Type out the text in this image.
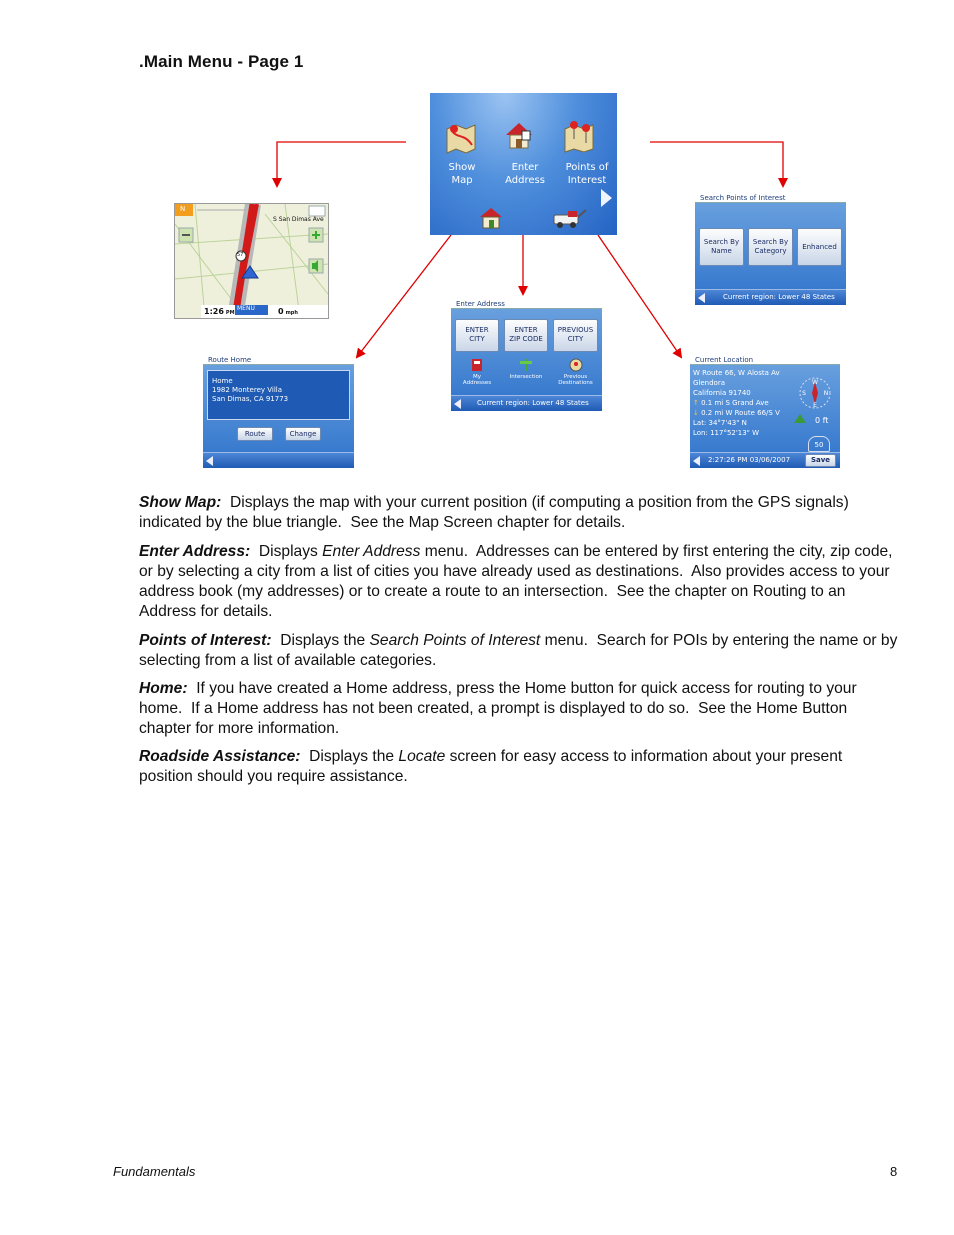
.Main Menu - Page 1
Show
Map
Enter
Address
Points of
Interest
N
S San Dimas Ave
57
1:26 PM
MENU	0 mph
Search Points of Interest
Search By
Name
Search By
Category	Enhanced
Current region: Lower 48 States
Enter Address
ENTER
CITY
ENTER
ZIP CODE
PREVIOUS
CITY
My
Addresses
Intersection	Previous
Destinations
Current region: Lower 48 States
Route Home
Home
1982 Monterey Villa
San Dimas, CA 91773
Route	Change
Current Location
W Route 66, W Alosta Av
Glendora
California 91740
↑ 0.1 mi S Grand Ave
↓ 0.2 mi W Route 66/S V
Lat: 34°7'43" N
Lon: 117°52'13" W
W
S	N
E
0 ft
50
2:27:26 PM 03/06/2007	Save
Show Map:  Displays the map with your current position (if computing a position from the GPS signals) indicated by the blue triangle.  See the Map Screen chapter for details.
Enter Address:  Displays Enter Address menu.  Addresses can be entered by first entering the city, zip code, or by selecting a city from a list of cities you have already used as destinations.  Also provides access to your address book (my addresses) or to create a route to an intersection.  See the chapter on Routing to an Address for details.
Points of Interest:  Displays the Search Points of Interest menu.  Search for POIs by entering the name or by selecting from a list of available categories.
Home:  If you have created a Home address, press the Home button for quick access for routing to your home.  If a Home address has not been created, a prompt is displayed to do so.  See the Home Button chapter for more information.
Roadside Assistance:  Displays the Locate screen for easy access to information about your present position should you require assistance.
Fundamentals	8
